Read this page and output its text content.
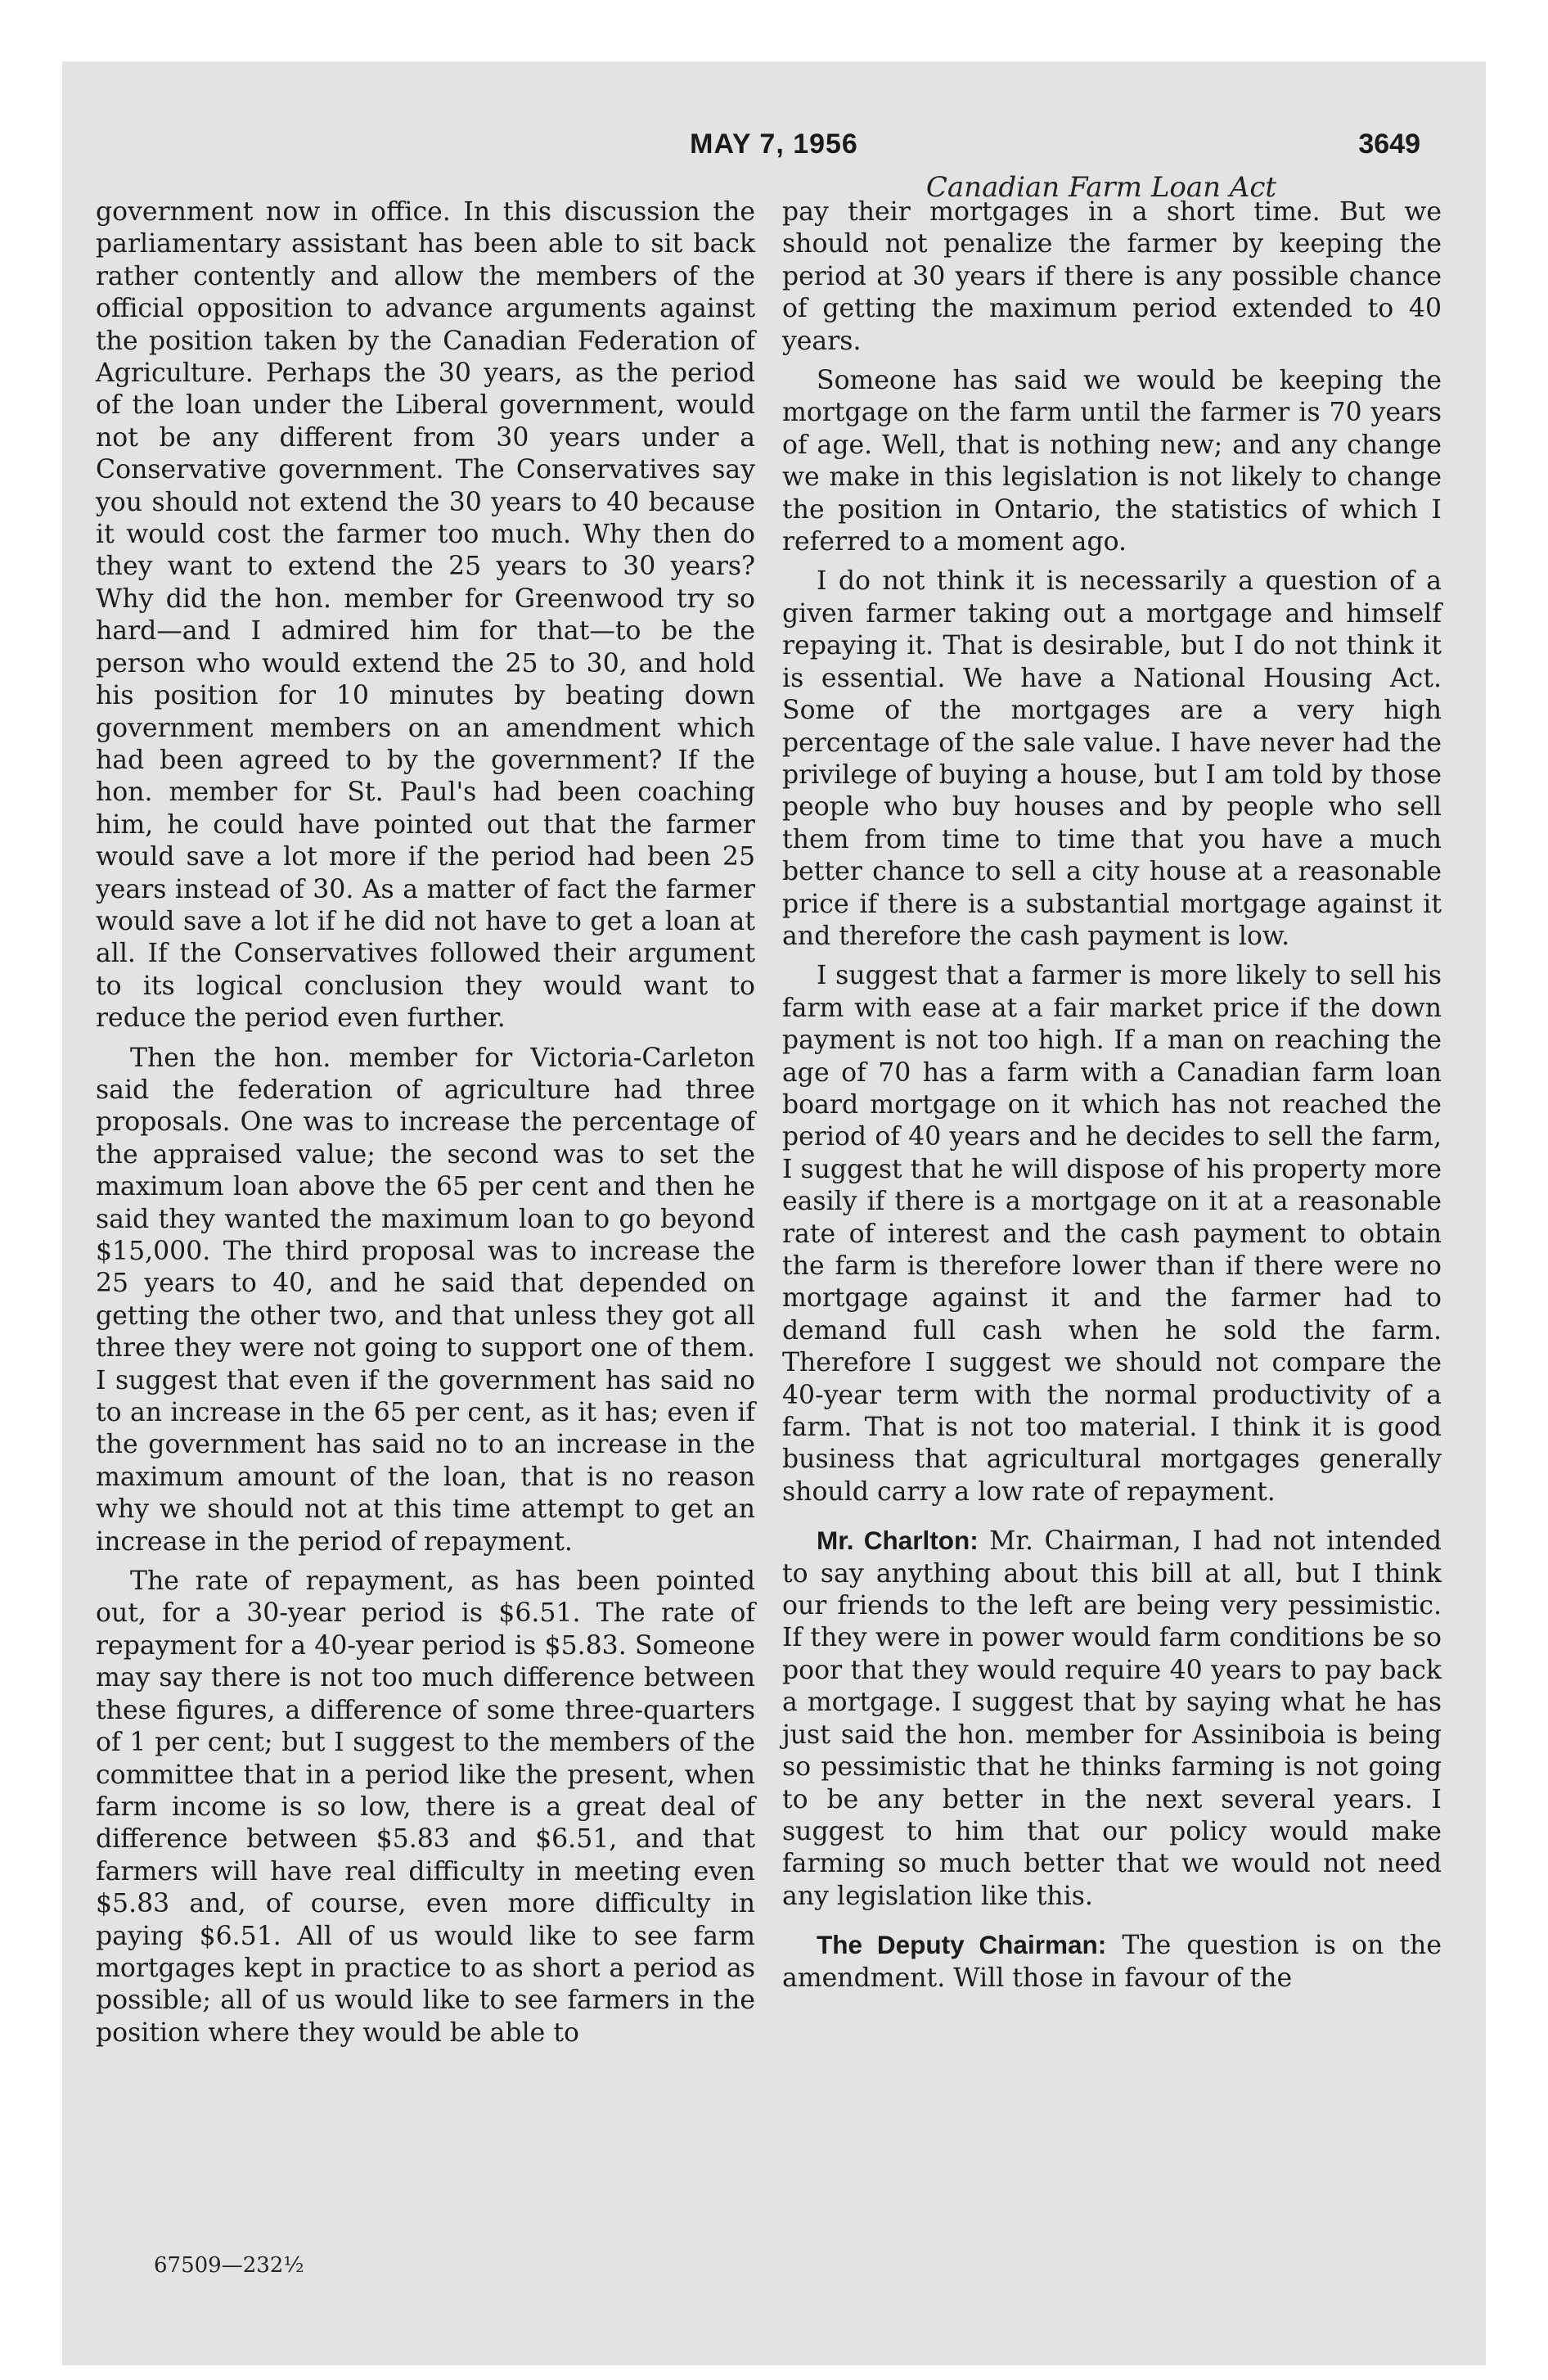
MAY 7, 1956	3649
Canadian Farm Loan Act

government now in office. In this discussion the parliamentary assistant has been able to sit back rather contently and allow the members of the official opposition to advance arguments against the position taken by the Canadian Federation of Agriculture. Perhaps the 30 years, as the period of the loan under the Liberal government, would not be any different from 30 years under a Conservative government. The Conservatives say you should not extend the 30 years to 40 because it would cost the farmer too much. Why then do they want to extend the 25 years to 30 years? Why did the hon. member for Greenwood try so hard—and I admired him for that—to be the person who would extend the 25 to 30, and hold his position for 10 minutes by beating down government members on an amendment which had been agreed to by the government? If the hon. member for St. Paul's had been coaching him, he could have pointed out that the farmer would save a lot more if the period had been 25 years instead of 30. As a matter of fact the farmer would save a lot if he did not have to get a loan at all. If the Conservatives followed their argument to its logical conclusion they would want to reduce the period even further.

Then the hon. member for Victoria-Carleton said the federation of agriculture had three proposals. One was to increase the percentage of the appraised value; the second was to set the maximum loan above the 65 per cent and then he said they wanted the maximum loan to go beyond $15,000. The third proposal was to increase the 25 years to 40, and he said that depended on getting the other two, and that unless they got all three they were not going to support one of them. I suggest that even if the government has said no to an increase in the 65 per cent, as it has; even if the government has said no to an increase in the maximum amount of the loan, that is no reason why we should not at this time attempt to get an increase in the period of repayment.

The rate of repayment, as has been pointed out, for a 30-year period is $6.51. The rate of repayment for a 40-year period is $5.83. Someone may say there is not too much difference between these figures, a difference of some three-quarters of 1 per cent; but I suggest to the members of the committee that in a period like the present, when farm income is so low, there is a great deal of difference between $5.83 and $6.51, and that farmers will have real difficulty in meeting even $5.83 and, of course, even more difficulty in paying $6.51. All of us would like to see farm mortgages kept in practice to as short a period as possible; all of us would like to see farmers in the position where they would be able to

pay their mortgages in a short time. But we should not penalize the farmer by keeping the period at 30 years if there is any possible chance of getting the maximum period extended to 40 years.

Someone has said we would be keeping the mortgage on the farm until the farmer is 70 years of age. Well, that is nothing new; and any change we make in this legislation is not likely to change the position in Ontario, the statistics of which I referred to a moment ago.

I do not think it is necessarily a question of a given farmer taking out a mortgage and himself repaying it. That is desirable, but I do not think it is essential. We have a National Housing Act. Some of the mortgages are a very high percentage of the sale value. I have never had the privilege of buying a house, but I am told by those people who buy houses and by people who sell them from time to time that you have a much better chance to sell a city house at a reasonable price if there is a substantial mortgage against it and therefore the cash payment is low.

I suggest that a farmer is more likely to sell his farm with ease at a fair market price if the down payment is not too high. If a man on reaching the age of 70 has a farm with a Canadian farm loan board mortgage on it which has not reached the period of 40 years and he decides to sell the farm, I suggest that he will dispose of his property more easily if there is a mortgage on it at a reasonable rate of interest and the cash payment to obtain the farm is therefore lower than if there were no mortgage against it and the farmer had to demand full cash when he sold the farm. Therefore I suggest we should not compare the 40-year term with the normal productivity of a farm. That is not too material. I think it is good business that agricultural mortgages generally should carry a low rate of repayment.

Mr. Charlton: Mr. Chairman, I had not intended to say anything about this bill at all, but I think our friends to the left are being very pessimistic. If they were in power would farm conditions be so poor that they would require 40 years to pay back a mortgage. I suggest that by saying what he has just said the hon. member for Assiniboia is being so pessimistic that he thinks farming is not going to be any better in the next several years. I suggest to him that our policy would make farming so much better that we would not need any legislation like this.

The Deputy Chairman: The question is on the amendment. Will those in favour of the

67509—232½
